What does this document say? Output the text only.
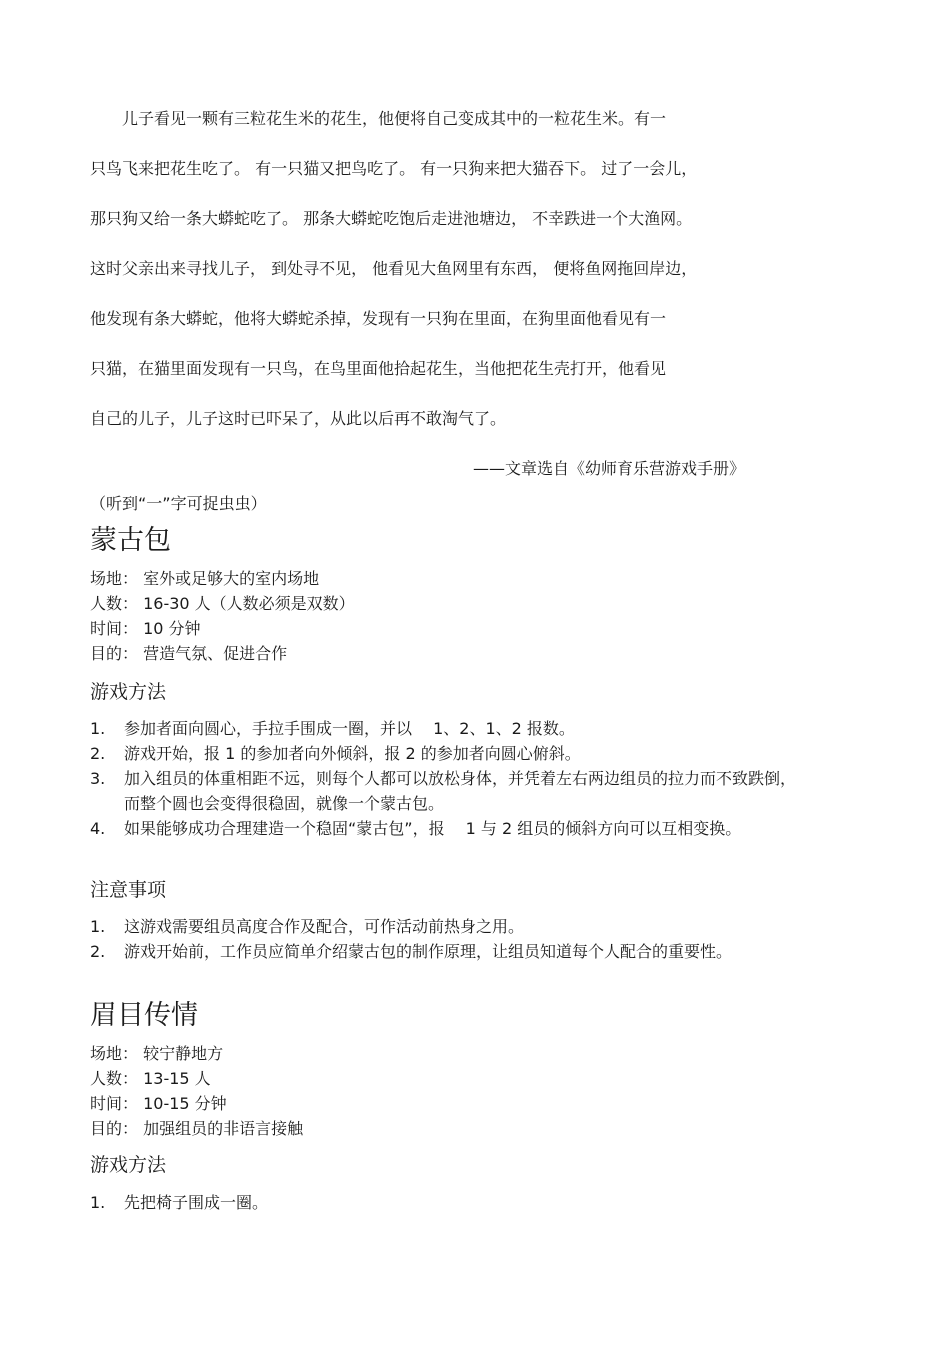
儿子看见一颗有三粒花生米的花生，他便将自己变成其中的一粒花生米。有一
只鸟飞来把花生吃了。 有一只猫又把鸟吃了。 有一只狗来把大猫吞下。 过了一会儿，
那只狗又给一条大蟒蛇吃了。 那条大蟒蛇吃饱后走进池塘边， 不幸跌进一个大渔网。
这时父亲出来寻找儿子， 到处寻不见， 他看见大鱼网里有东西， 便将鱼网拖回岸边，
他发现有条大蟒蛇，他将大蟒蛇杀掉，发现有一只狗在里面，在狗里面他看见有一
只猫，在猫里面发现有一只鸟，在鸟里面他拾起花生，当他把花生壳打开，他看见
自己的儿子，儿子这时已吓呆了，从此以后再不敢淘气了。
——文章选自《幼师育乐营游戏手册》
（听到“一”字可捉虫虫）
蒙古包
场地： 室外或足够大的室内场地
人数： 16-30 人（人数必须是双数）
时间： 10 分钟
目的： 营造气氛、促进合作
游戏方法
1. 参加者面向圆心，手拉手围成一圈，并以　 1、2、1、2 报数。
2. 游戏开始，报 1 的参加者向外倾斜，报 2 的参加者向圆心俯斜。
3. 加入组员的体重相距不远，则每个人都可以放松身体，并凭着左右两边组员的拉力而不致跌倒，而整个圆也会变得很稳固，就像一个蒙古包。
4. 如果能够成功合理建造一个稳固“蒙古包”，报　 1 与 2 组员的倾斜方向可以互相变换。
注意事项
1. 这游戏需要组员高度合作及配合，可作活动前热身之用。
2. 游戏开始前，工作员应简单介绍蒙古包的制作原理，让组员知道每个人配合的重要性。
眉目传情
场地： 较宁静地方
人数： 13-15 人
时间： 10-15 分钟
目的： 加强组员的非语言接触
游戏方法
1. 先把椅子围成一圈。
